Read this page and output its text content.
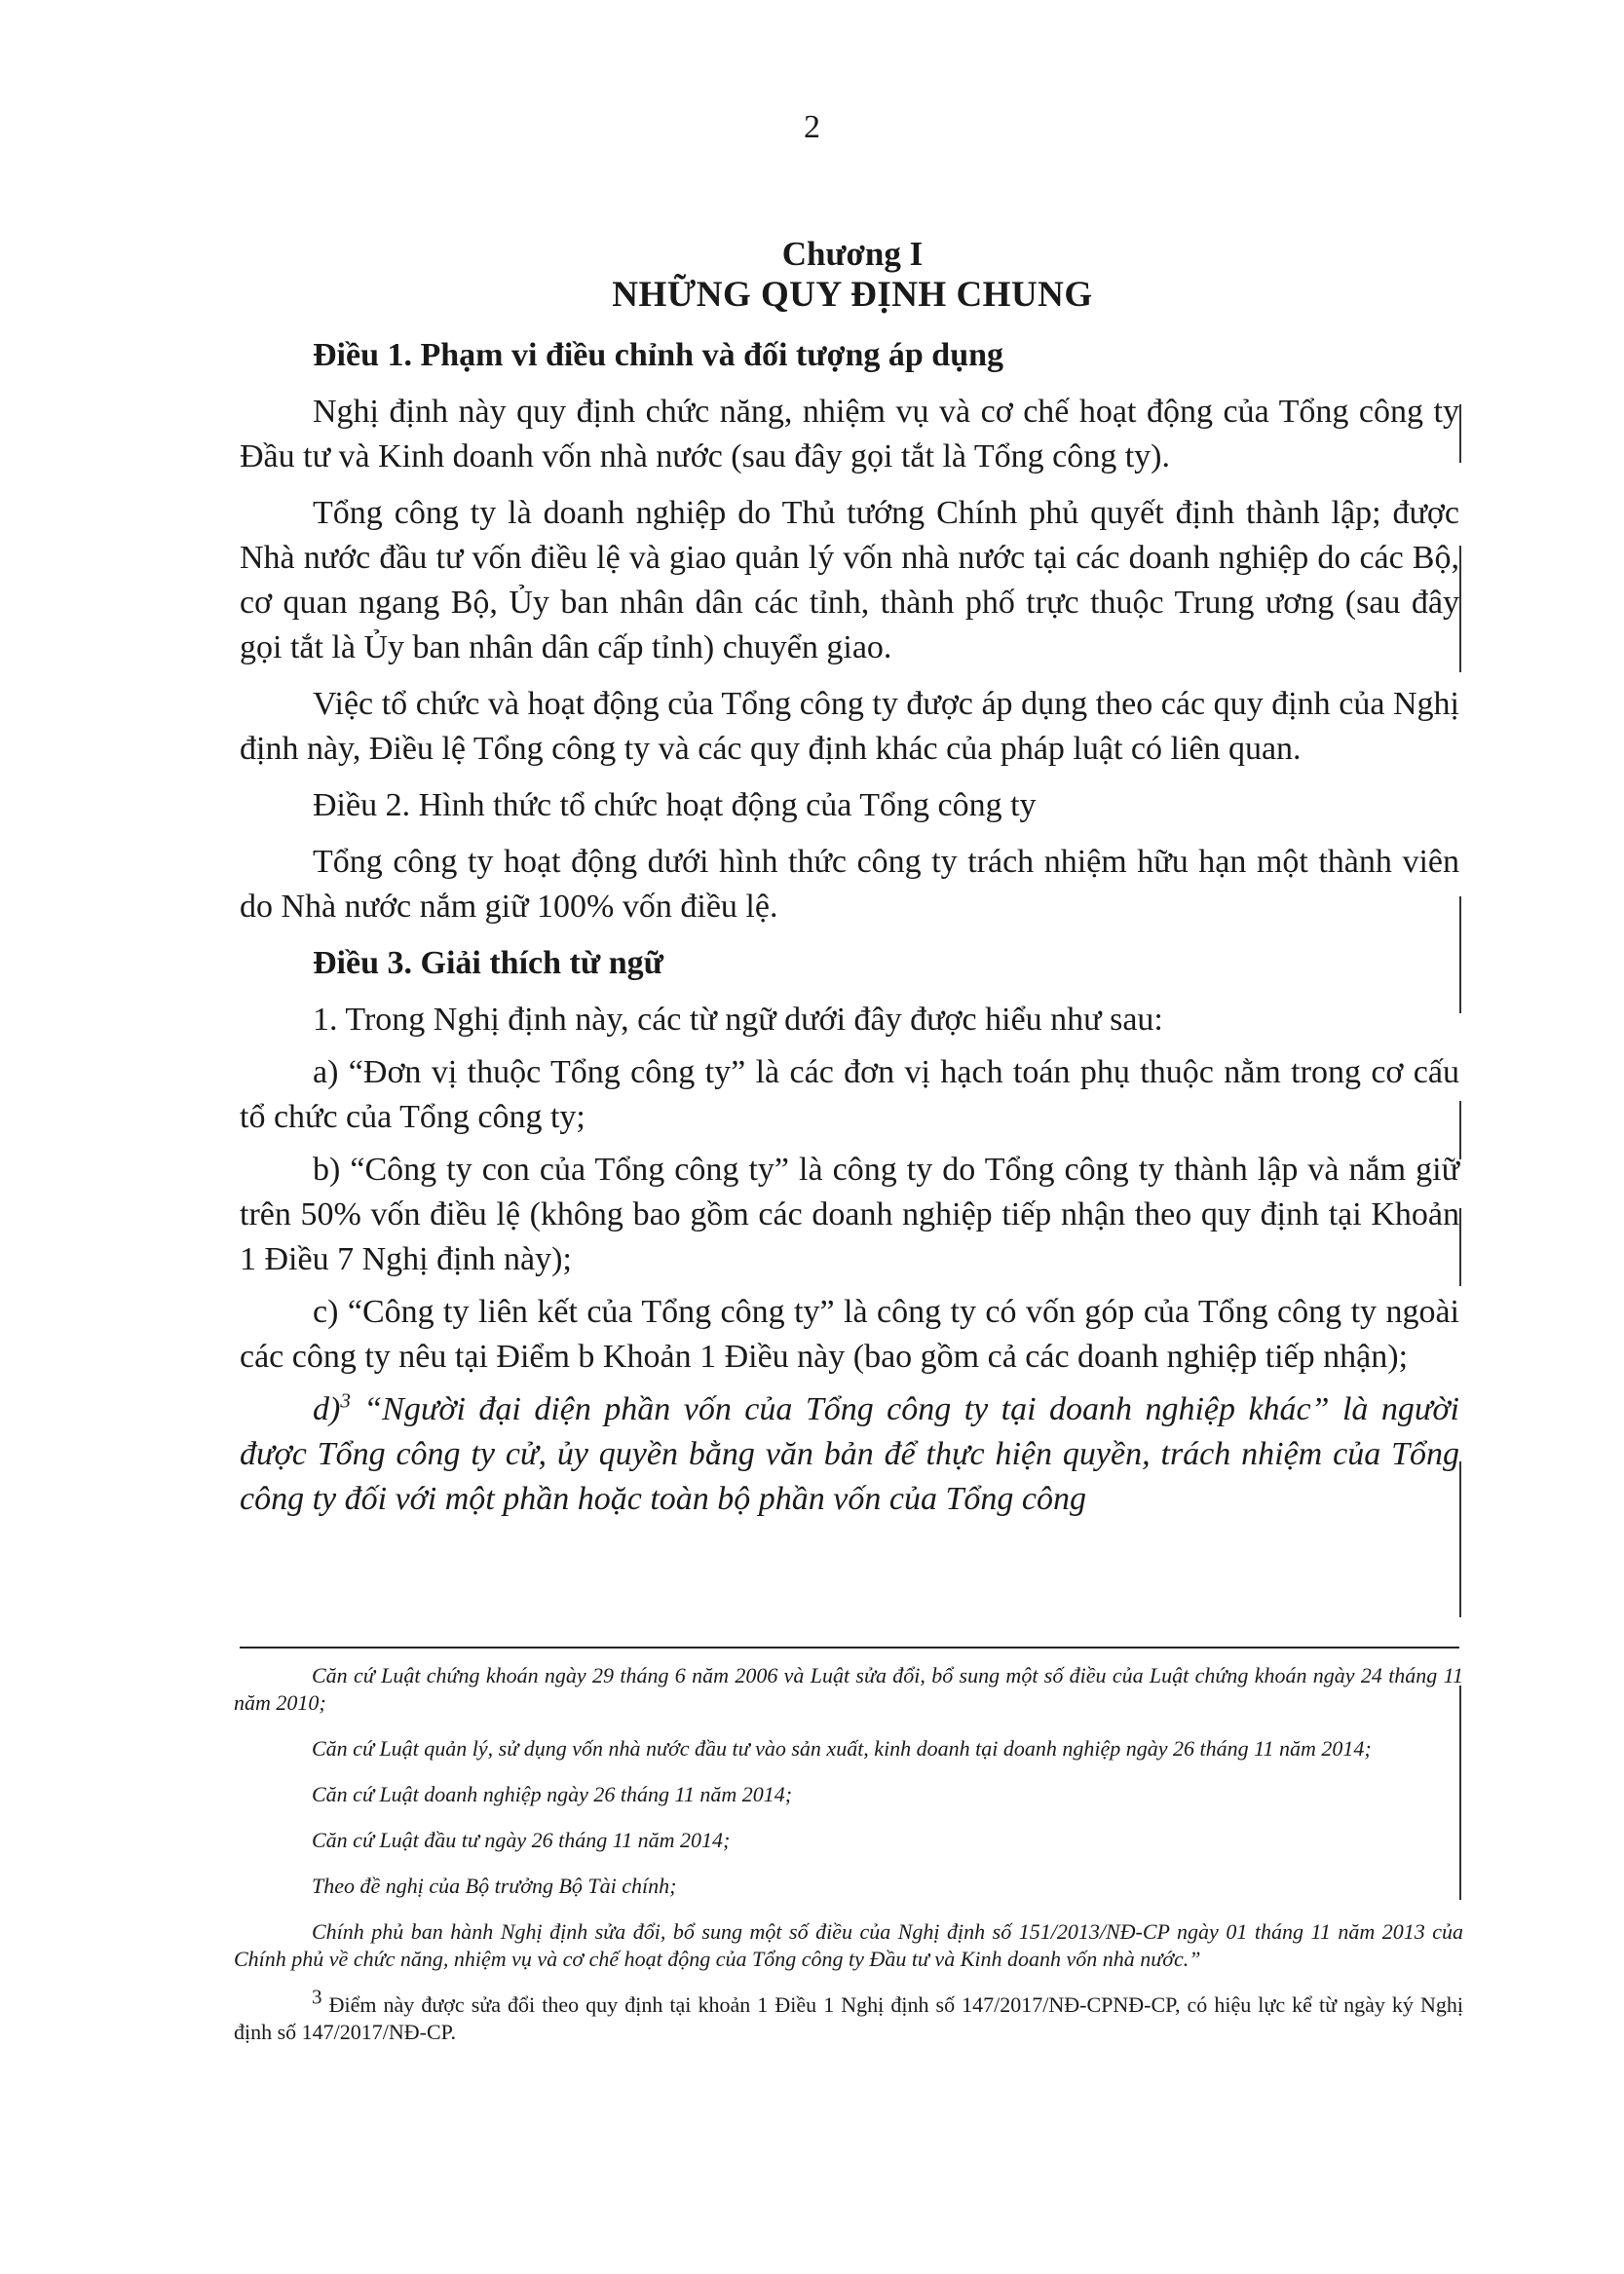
2
Chương I
NHỮNG QUY ĐỊNH CHUNG
Điều 1. Phạm vi điều chỉnh và đối tượng áp dụng

Nghị định này quy định chức năng, nhiệm vụ và cơ chế hoạt động của Tổng công ty Đầu tư và Kinh doanh vốn nhà nước (sau đây gọi tắt là Tổng công ty).

Tổng công ty là doanh nghiệp do Thủ tướng Chính phủ quyết định thành lập; được Nhà nước đầu tư vốn điều lệ và giao quản lý vốn nhà nước tại các doanh nghiệp do các Bộ, cơ quan ngang Bộ, Ủy ban nhân dân các tỉnh, thành phố trực thuộc Trung ương (sau đây gọi tắt là Ủy ban nhân dân cấp tỉnh) chuyển giao.

Việc tổ chức và hoạt động của Tổng công ty được áp dụng theo các quy định của Nghị định này, Điều lệ Tổng công ty và các quy định khác của pháp luật có liên quan.

Điều 2. Hình thức tổ chức hoạt động của Tổng công ty

Tổng công ty hoạt động dưới hình thức công ty trách nhiệm hữu hạn một thành viên do Nhà nước nắm giữ 100% vốn điều lệ.

Điều 3. Giải thích từ ngữ

1. Trong Nghị định này, các từ ngữ dưới đây được hiểu như sau:

a) “Đơn vị thuộc Tổng công ty” là các đơn vị hạch toán phụ thuộc nằm trong cơ cấu tổ chức của Tổng công ty;

b) “Công ty con của Tổng công ty” là công ty do Tổng công ty thành lập và nắm giữ trên 50% vốn điều lệ (không bao gồm các doanh nghiệp tiếp nhận theo quy định tại Khoản 1 Điều 7 Nghị định này);

c) “Công ty liên kết của Tổng công ty” là công ty có vốn góp của Tổng công ty ngoài các công ty nêu tại Điểm b Khoản 1 Điều này (bao gồm cả các doanh nghiệp tiếp nhận);

d)$^3$ “Người đại diện phần vốn của Tổng công ty tại doanh nghiệp khác” là người được Tổng công ty cử, ủy quyền bằng văn bản để thực hiện quyền, trách nhiệm của Tổng công ty đối với một phần hoặc toàn bộ phần vốn của Tổng công

Căn cứ Luật chứng khoán ngày 29 tháng 6 năm 2006 và Luật sửa đổi, bổ sung một số điều của Luật chứng khoán ngày 24 tháng 11 năm 2010;

Căn cứ Luật quản lý, sử dụng vốn nhà nước đầu tư vào sản xuất, kinh doanh tại doanh nghiệp ngày 26 tháng 11 năm 2014;

Căn cứ Luật doanh nghiệp ngày 26 tháng 11 năm 2014;

Căn cứ Luật đầu tư ngày 26 tháng 11 năm 2014;

Theo đề nghị của Bộ trưởng Bộ Tài chính;

Chính phủ ban hành Nghị định sửa đổi, bổ sung một số điều của Nghị định số 151/2013/NĐ-CP ngày 01 tháng 11 năm 2013 của Chính phủ về chức năng, nhiệm vụ và cơ chế hoạt động của Tổng công ty Đầu tư và Kinh doanh vốn nhà nước.”

$^3$ Điểm này được sửa đổi theo quy định tại khoản 1 Điều 1 Nghị định số 147/2017/NĐ-CPNĐ-CP, có hiệu lực kể từ ngày ký Nghị định số 147/2017/NĐ-CP.
